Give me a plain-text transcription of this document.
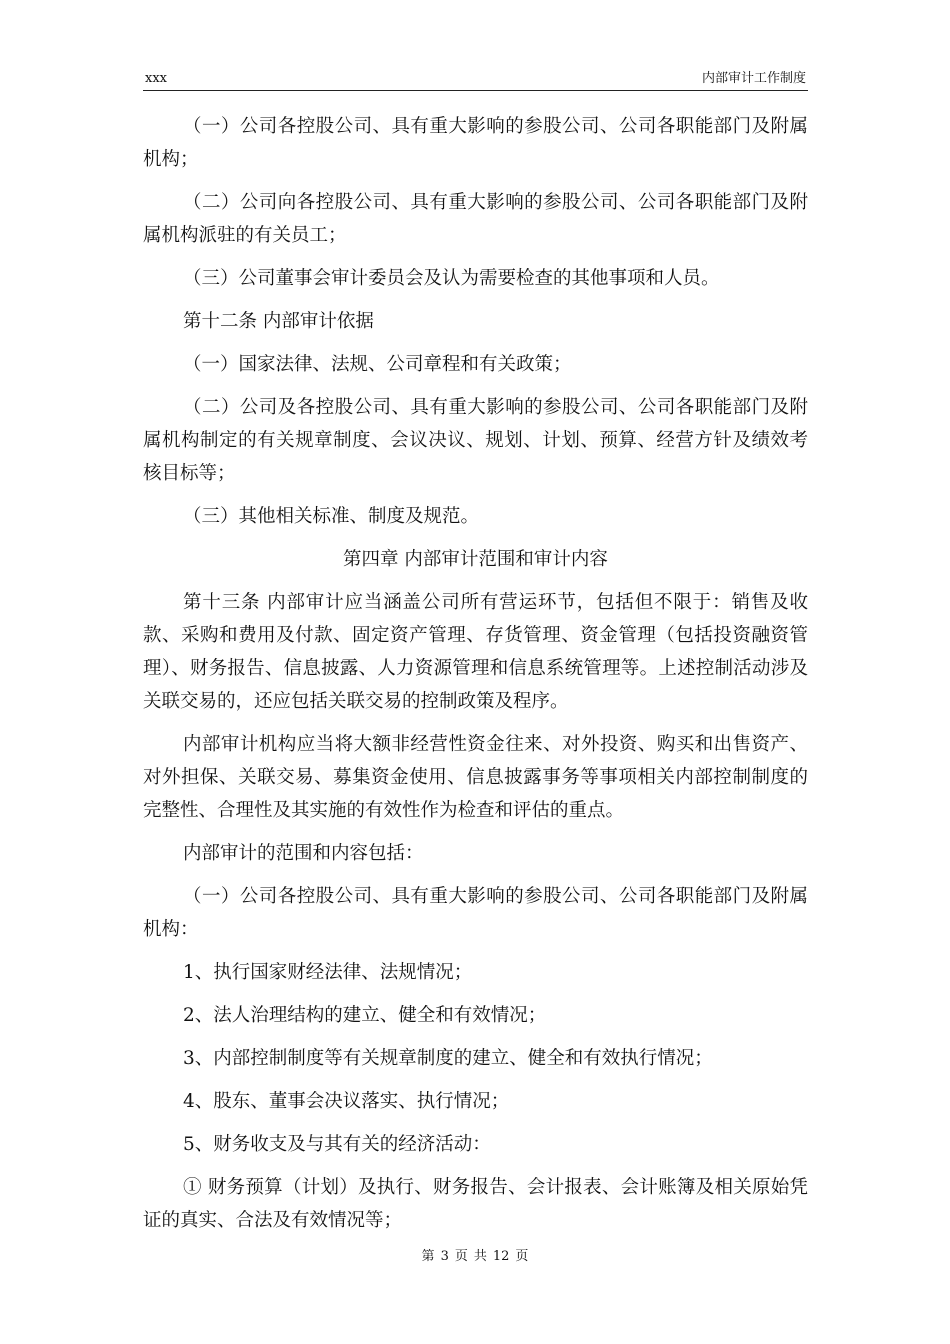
xxx	内部审计工作制度

（一）公司各控股公司、具有重大影响的参股公司、公司各职能部门及附属机构；

（二）公司向各控股公司、具有重大影响的参股公司、公司各职能部门及附属机构派驻的有关员工；

（三）公司董事会审计委员会及认为需要检查的其他事项和人员。

第十二条 内部审计依据

（一）国家法律、法规、公司章程和有关政策；

（二）公司及各控股公司、具有重大影响的参股公司、公司各职能部门及附属机构制定的有关规章制度、会议决议、规划、计划、预算、经营方针及绩效考核目标等；

（三）其他相关标准、制度及规范。

第四章 内部审计范围和审计内容

第十三条 内部审计应当涵盖公司所有营运环节，包括但不限于：销售及收款、采购和费用及付款、固定资产管理、存货管理、资金管理（包括投资融资管理）、财务报告、信息披露、人力资源管理和信息系统管理等。上述控制活动涉及关联交易的，还应包括关联交易的控制政策及程序。

内部审计机构应当将大额非经营性资金往来、对外投资、购买和出售资产、对外担保、关联交易、募集资金使用、信息披露事务等事项相关内部控制制度的完整性、合理性及其实施的有效性作为检查和评估的重点。

内部审计的范围和内容包括：

（一）公司各控股公司、具有重大影响的参股公司、公司各职能部门及附属机构：

1、执行国家财经法律、法规情况；

2、法人治理结构的建立、健全和有效情况；

3、内部控制制度等有关规章制度的建立、健全和有效执行情况；

4、股东、董事会决议落实、执行情况；

5、财务收支及与其有关的经济活动：

① 财务预算（计划）及执行、财务报告、会计报表、会计账簿及相关原始凭证的真实、合法及有效情况等；

第 3 页 共 12 页
